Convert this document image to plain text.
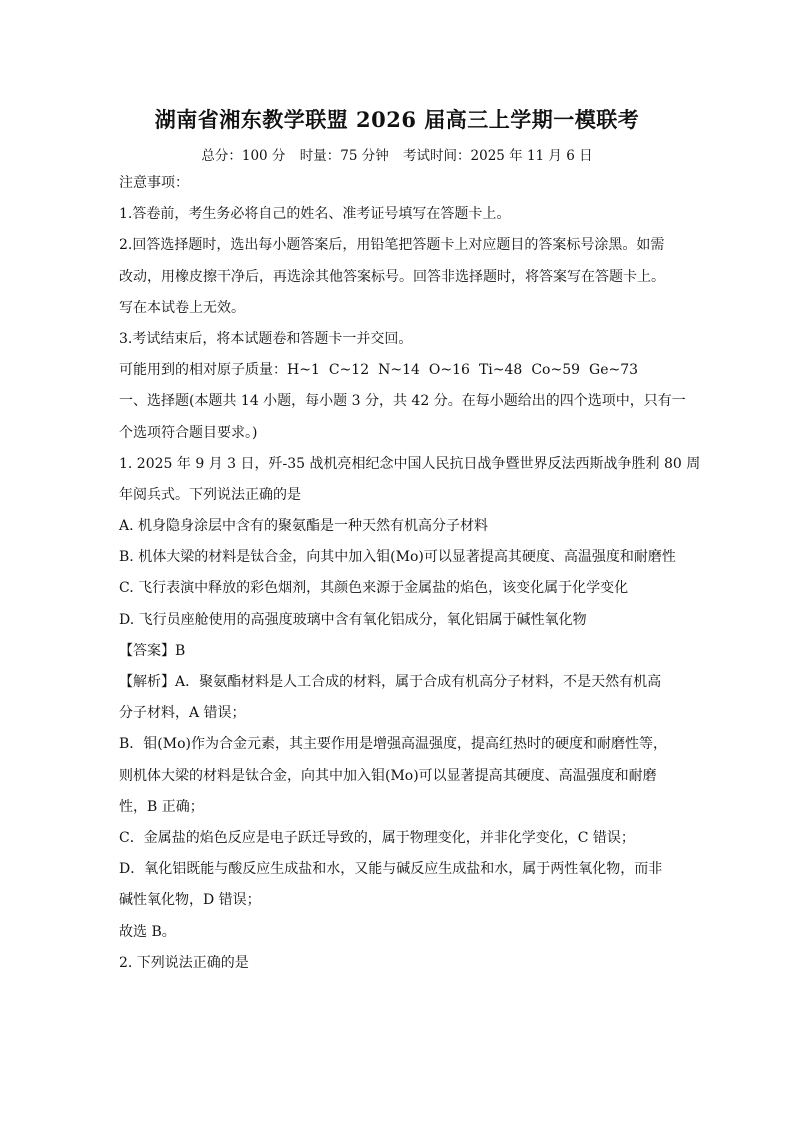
湖南省湘东教学联盟 2026 届高三上学期一模联考
总分：100 分 时量：75 分钟 考试时间：2025 年 11 月 6 日
注意事项：
1.答卷前，考生务必将自己的姓名、准考证号填写在答题卡上。
2.回答选择题时，选出每小题答案后，用铅笔把答题卡上对应题目的答案标号涂黑。如需
改动，用橡皮擦干净后，再选涂其他答案标号。回答非选择题时，将答案写在答题卡上。
写在本试卷上无效。
3.考试结束后，将本试题卷和答题卡一并交回。
可能用到的相对原子质量：H~1 C~12 N~14 O~16 Ti~48 Co~59 Ge~73
一、选择题(本题共 14 小题，每小题 3 分，共 42 分。在每小题给出的四个选项中，只有一
个选项符合题目要求。)
1. 2025 年 9 月 3 日，歼-35 战机亮相纪念中国人民抗日战争暨世界反法西斯战争胜利 80 周
年阅兵式。下列说法正确的是
A. 机身隐身涂层中含有的聚氨酯是一种天然有机高分子材料
B. 机体大梁的材料是钛合金，向其中加入钼(Mo)可以显著提高其硬度、高温强度和耐磨性
C. 飞行表演中释放的彩色烟剂，其颜色来源于金属盐的焰色，该变化属于化学变化
D. 飞行员座舱使用的高强度玻璃中含有氧化铝成分，氧化铝属于碱性氧化物
【答案】B
【解析】A．聚氨酯材料是人工合成的材料，属于合成有机高分子材料，不是天然有机高
分子材料，A 错误；
B．钼(Mo)作为合金元素，其主要作用是增强高温强度，提高红热时的硬度和耐磨性等，
则机体大梁的材料是钛合金，向其中加入钼(Mo)可以显著提高其硬度、高温强度和耐磨
性，B 正确；
C．金属盐的焰色反应是电子跃迁导致的，属于物理变化，并非化学变化，C 错误；
D．氧化铝既能与酸反应生成盐和水，又能与碱反应生成盐和水，属于两性氧化物，而非
碱性氧化物，D 错误；
故选 B。
2. 下列说法正确的是
